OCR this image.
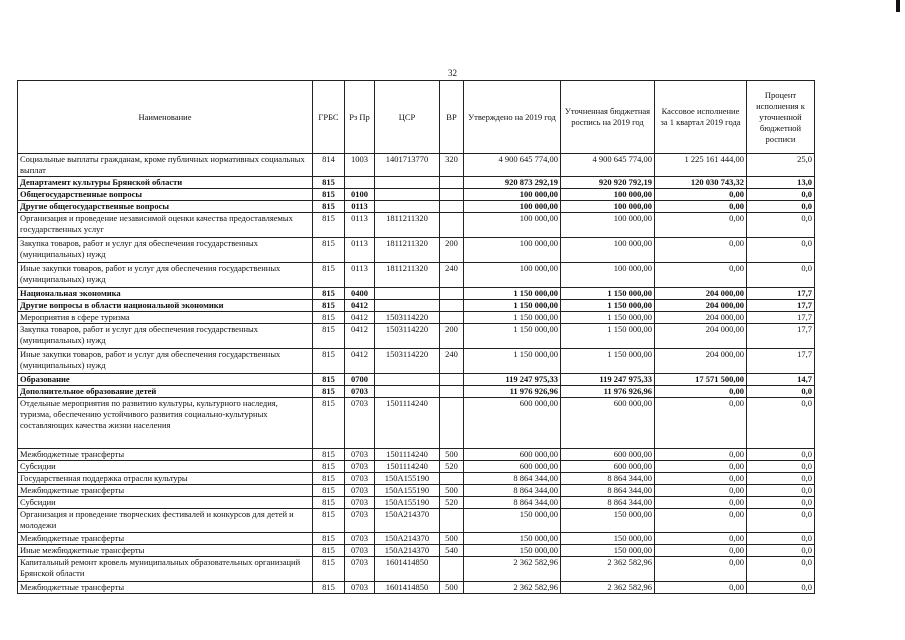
32
Наименование	ГРБС	Рз Пр	ЦСР	ВР	Утверждено на 2019 год	Уточненная бюджетная роспись на 2019 год	Кассовое исполнение за 1 квартал 2019 года	Процент исполнения к уточненной бюджетной росписи
Социальные выплаты гражданам, кроме публичных нормативных социальных выплат	814	1003	1401713770	320	4 900 645 774,00	4 900 645 774,00	1 225 161 444,00	25,0
Департамент культуры Брянской области	815				920 873 292,19	920 920 792,19	120 030 743,32	13,0
Общегосударственные вопросы	815	0100			100 000,00	100 000,00	0,00	0,0
Другие общегосударственные вопросы	815	0113			100 000,00	100 000,00	0,00	0,0
Организация и проведение независимой оценки качества предоставляемых государственных услуг	815	0113	1811211320		100 000,00	100 000,00	0,00	0,0
Закупка товаров, работ и услуг для обеспечения государственных (муниципальных) нужд	815	0113	1811211320	200	100 000,00	100 000,00	0,00	0,0
Иные закупки товаров, работ и услуг для обеспечения государственных (муниципальных) нужд	815	0113	1811211320	240	100 000,00	100 000,00	0,00	0,0
Национальная экономика	815	0400			1 150 000,00	1 150 000,00	204 000,00	17,7
Другие вопросы в области национальной экономики	815	0412			1 150 000,00	1 150 000,00	204 000,00	17,7
Мероприятия в сфере туризма	815	0412	1503114220		1 150 000,00	1 150 000,00	204 000,00	17,7
Закупка товаров, работ и услуг для обеспечения государственных (муниципальных) нужд	815	0412	1503114220	200	1 150 000,00	1 150 000,00	204 000,00	17,7
Иные закупки товаров, работ и услуг для обеспечения государственных (муниципальных) нужд	815	0412	1503114220	240	1 150 000,00	1 150 000,00	204 000,00	17,7
Образование	815	0700			119 247 975,33	119 247 975,33	17 571 500,00	14,7
Дополнительное образование детей	815	0703			11 976 926,96	11 976 926,96	0,00	0,0
Отдельные мероприятия по развитию культуры, культурного наследия, туризма, обеспечению устойчивого развития социально-культурных составляющих качества жизни населения	815	0703	1501114240		600 000,00	600 000,00	0,00	0,0
Межбюджетные трансферты	815	0703	1501114240	500	600 000,00	600 000,00	0,00	0,0
Субсидии	815	0703	1501114240	520	600 000,00	600 000,00	0,00	0,0
Государственная поддержка отрасли культуры	815	0703	150A155190		8 864 344,00	8 864 344,00	0,00	0,0
Межбюджетные трансферты	815	0703	150A155190	500	8 864 344,00	8 864 344,00	0,00	0,0
Субсидии	815	0703	150A155190	520	8 864 344,00	8 864 344,00	0,00	0,0
Организация и проведение творческих фестивалей и конкурсов для детей и молодежи	815	0703	150A214370		150 000,00	150 000,00	0,00	0,0
Межбюджетные трансферты	815	0703	150A214370	500	150 000,00	150 000,00	0,00	0,0
Иные межбюджетные трансферты	815	0703	150A214370	540	150 000,00	150 000,00	0,00	0,0
Капитальный ремонт кровель муниципальных образовательных организаций Брянской области	815	0703	1601414850		2 362 582,96	2 362 582,96	0,00	0,0
Межбюджетные трансферты	815	0703	1601414850	500	2 362 582,96	2 362 582,96	0,00	0,0
